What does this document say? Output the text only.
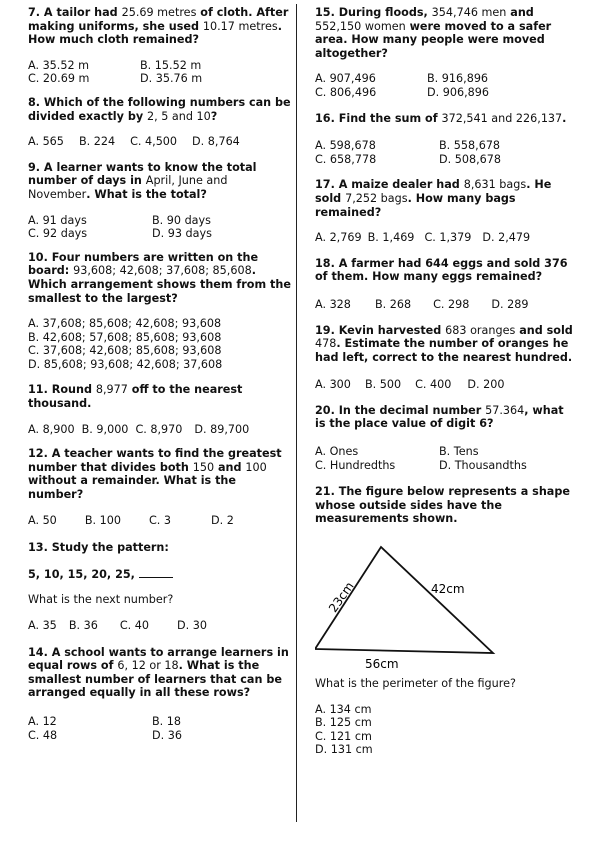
7. A tailor had 25.69 metres of cloth. After making uniforms, she used 10.17 metres. How much cloth remained?
A. 35.52 m	B. 15.52 m
C. 20.69 m	D. 35.76 m
8. Which of the following numbers can be divided exactly by 2, 5 and 10?
A. 565 B. 224 C. 4,500 D. 8,764
9. A learner wants to know the total number of days in April, June and November. What is the total?
A. 91 days	B. 90 days
C. 92 days	D. 93 days
10. Four numbers are written on the board: 93,608; 42,608; 37,608; 85,608. Which arrangement shows them from the smallest to the largest?
A. 37,608; 85,608; 42,608; 93,608
B. 42,608; 57,608; 85,608; 93,608
C. 37,608; 42,608; 85,608; 93,608
D. 85,608; 93,608; 42,608; 37,608
11. Round 8,977 off to the nearest thousand.
A. 8,900 B. 9,000 C. 8,970 D. 89,700
12. A teacher wants to find the greatest number that divides both 150 and 100 without a remainder. What is the number?
A. 50	B. 100	C. 3	D. 2
13. Study the pattern:
5, 10, 15, 20, 25,
What is the next number?
A. 35 B. 36 C. 40	D. 30
14. A school wants to arrange learners in equal rows of 6, 12 or 18. What is the smallest number of learners that can be arranged equally in all these rows?
A. 12	B. 18
C. 48	D. 36
15. During floods, 354,746 men and 552,150 women were moved to a safer area. How many people were moved altogether?
A. 907,496	B. 916,896
C. 806,496	D. 906,896
16. Find the sum of 372,541 and 226,137.
A. 598,678	B. 558,678
C. 658,778	D. 508,678
17. A maize dealer had 8,631 bags. He sold 7,252 bags. How many bags remained?
A. 2,769 B. 1,469 C. 1,379 D. 2,479
18. A farmer had 644 eggs and sold 376 of them. How many eggs remained?
A. 328 B. 268 C. 298 D. 289
19. Kevin harvested 683 oranges and sold 478. Estimate the number of oranges he had left, correct to the nearest hundred.
A. 300 B. 500 C. 400 D. 200
20. In the decimal number 57.364, what is the place value of digit 6?
A. Ones	B. Tens
C. Hundredths	D. Thousandths
21. The figure below represents a shape whose outside sides have the measurements shown.
23cm	42cm
56cm
What is the perimeter of the figure?
A. 134 cm
B. 125 cm
C. 121 cm
D. 131 cm
